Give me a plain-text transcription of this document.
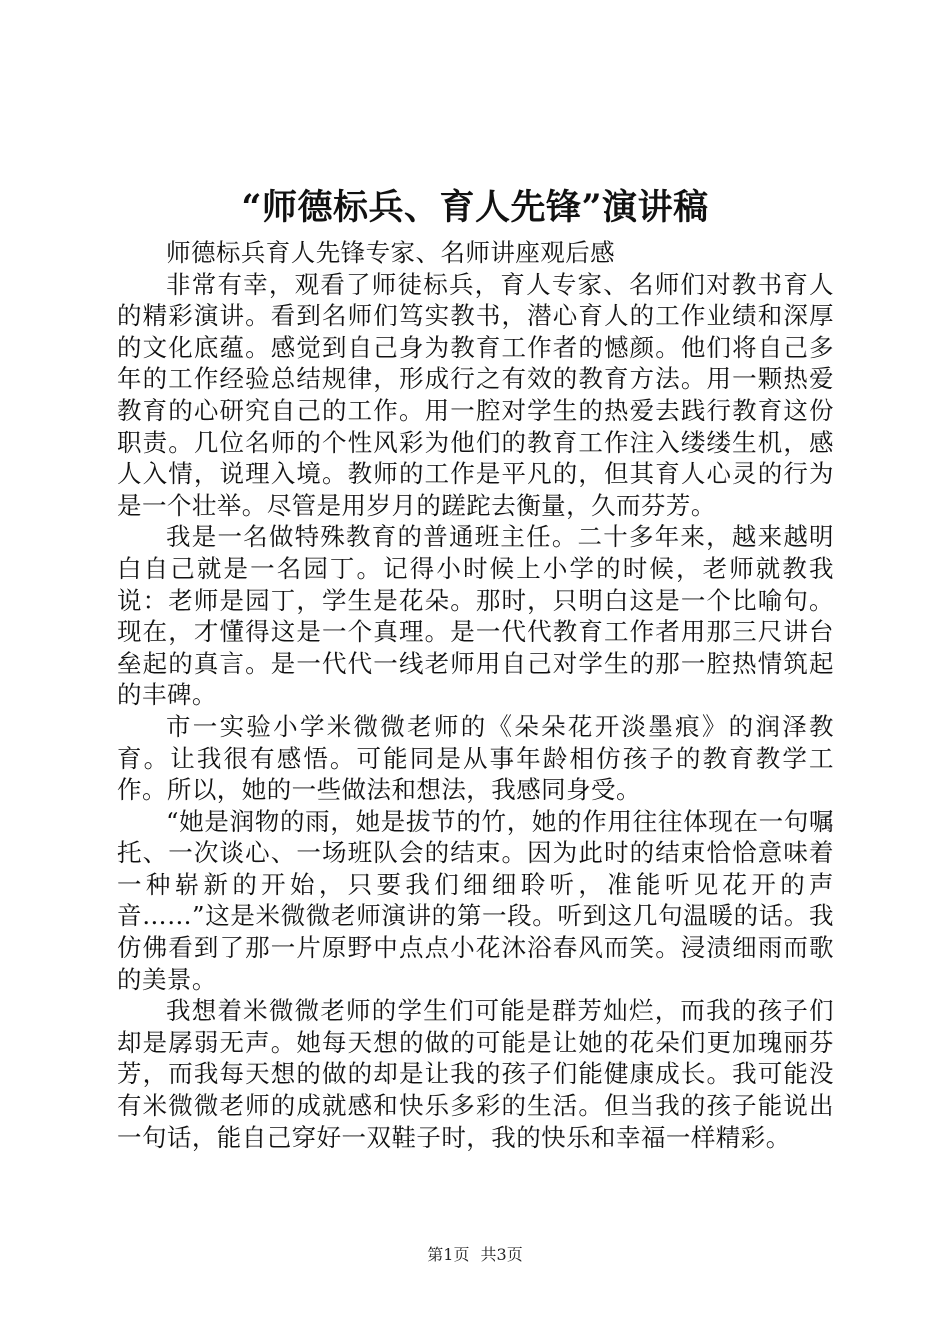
“师德标兵、育人先锋”演讲稿

师德标兵育人先锋专家、名师讲座观后感

非常有幸，观看了师徒标兵，育人专家、名师们对教书育人的精彩演讲。看到名师们笃实教书，潜心育人的工作业绩和深厚的文化底蕴。感觉到自己身为教育工作者的憾颜。他们将自己多年的工作经验总结规律，形成行之有效的教育方法。用一颗热爱教育的心研究自己的工作。用一腔对学生的热爱去践行教育这份职责。几位名师的个性风彩为他们的教育工作注入缕缕生机，感人入情，说理入境。教师的工作是平凡的，但其育人心灵的行为是一个壮举。尽管是用岁月的蹉跎去衡量，久而芬芳。

我是一名做特殊教育的普通班主任。二十多年来，越来越明白自己就是一名园丁。记得小时候上小学的时候，老师就教我说：老师是园丁，学生是花朵。那时，只明白这是一个比喻句。现在，才懂得这是一个真理。是一代代教育工作者用那三尺讲台垒起的真言。是一代代一线老师用自己对学生的那一腔热情筑起的丰碑。

市一实验小学米微微老师的《朵朵花开淡墨痕》的润泽教育。让我很有感悟。可能同是从事年龄相仿孩子的教育教学工作。所以，她的一些做法和想法，我感同身受。

“她是润物的雨，她是拔节的竹，她的作用往往体现在一句嘱托、一次谈心、一场班队会的结束。因为此时的结束恰恰意味着一种崭新的开始，只要我们细细聆听，准能听见花开的声音……”这是米微微老师演讲的第一段。听到这几句温暖的话。我仿佛看到了那一片原野中点点小花沐浴春风而笑。浸渍细雨而歌的美景。

我想着米微微老师的学生们可能是群芳灿烂，而我的孩子们却是孱弱无声。她每天想的做的可能是让她的花朵们更加瑰丽芬芳，而我每天想的做的却是让我的孩子们能健康成长。我可能没有米微微老师的成就感和快乐多彩的生活。但当我的孩子能说出一句话，能自己穿好一双鞋子时，我的快乐和幸福一样精彩。

第1页 共3页
